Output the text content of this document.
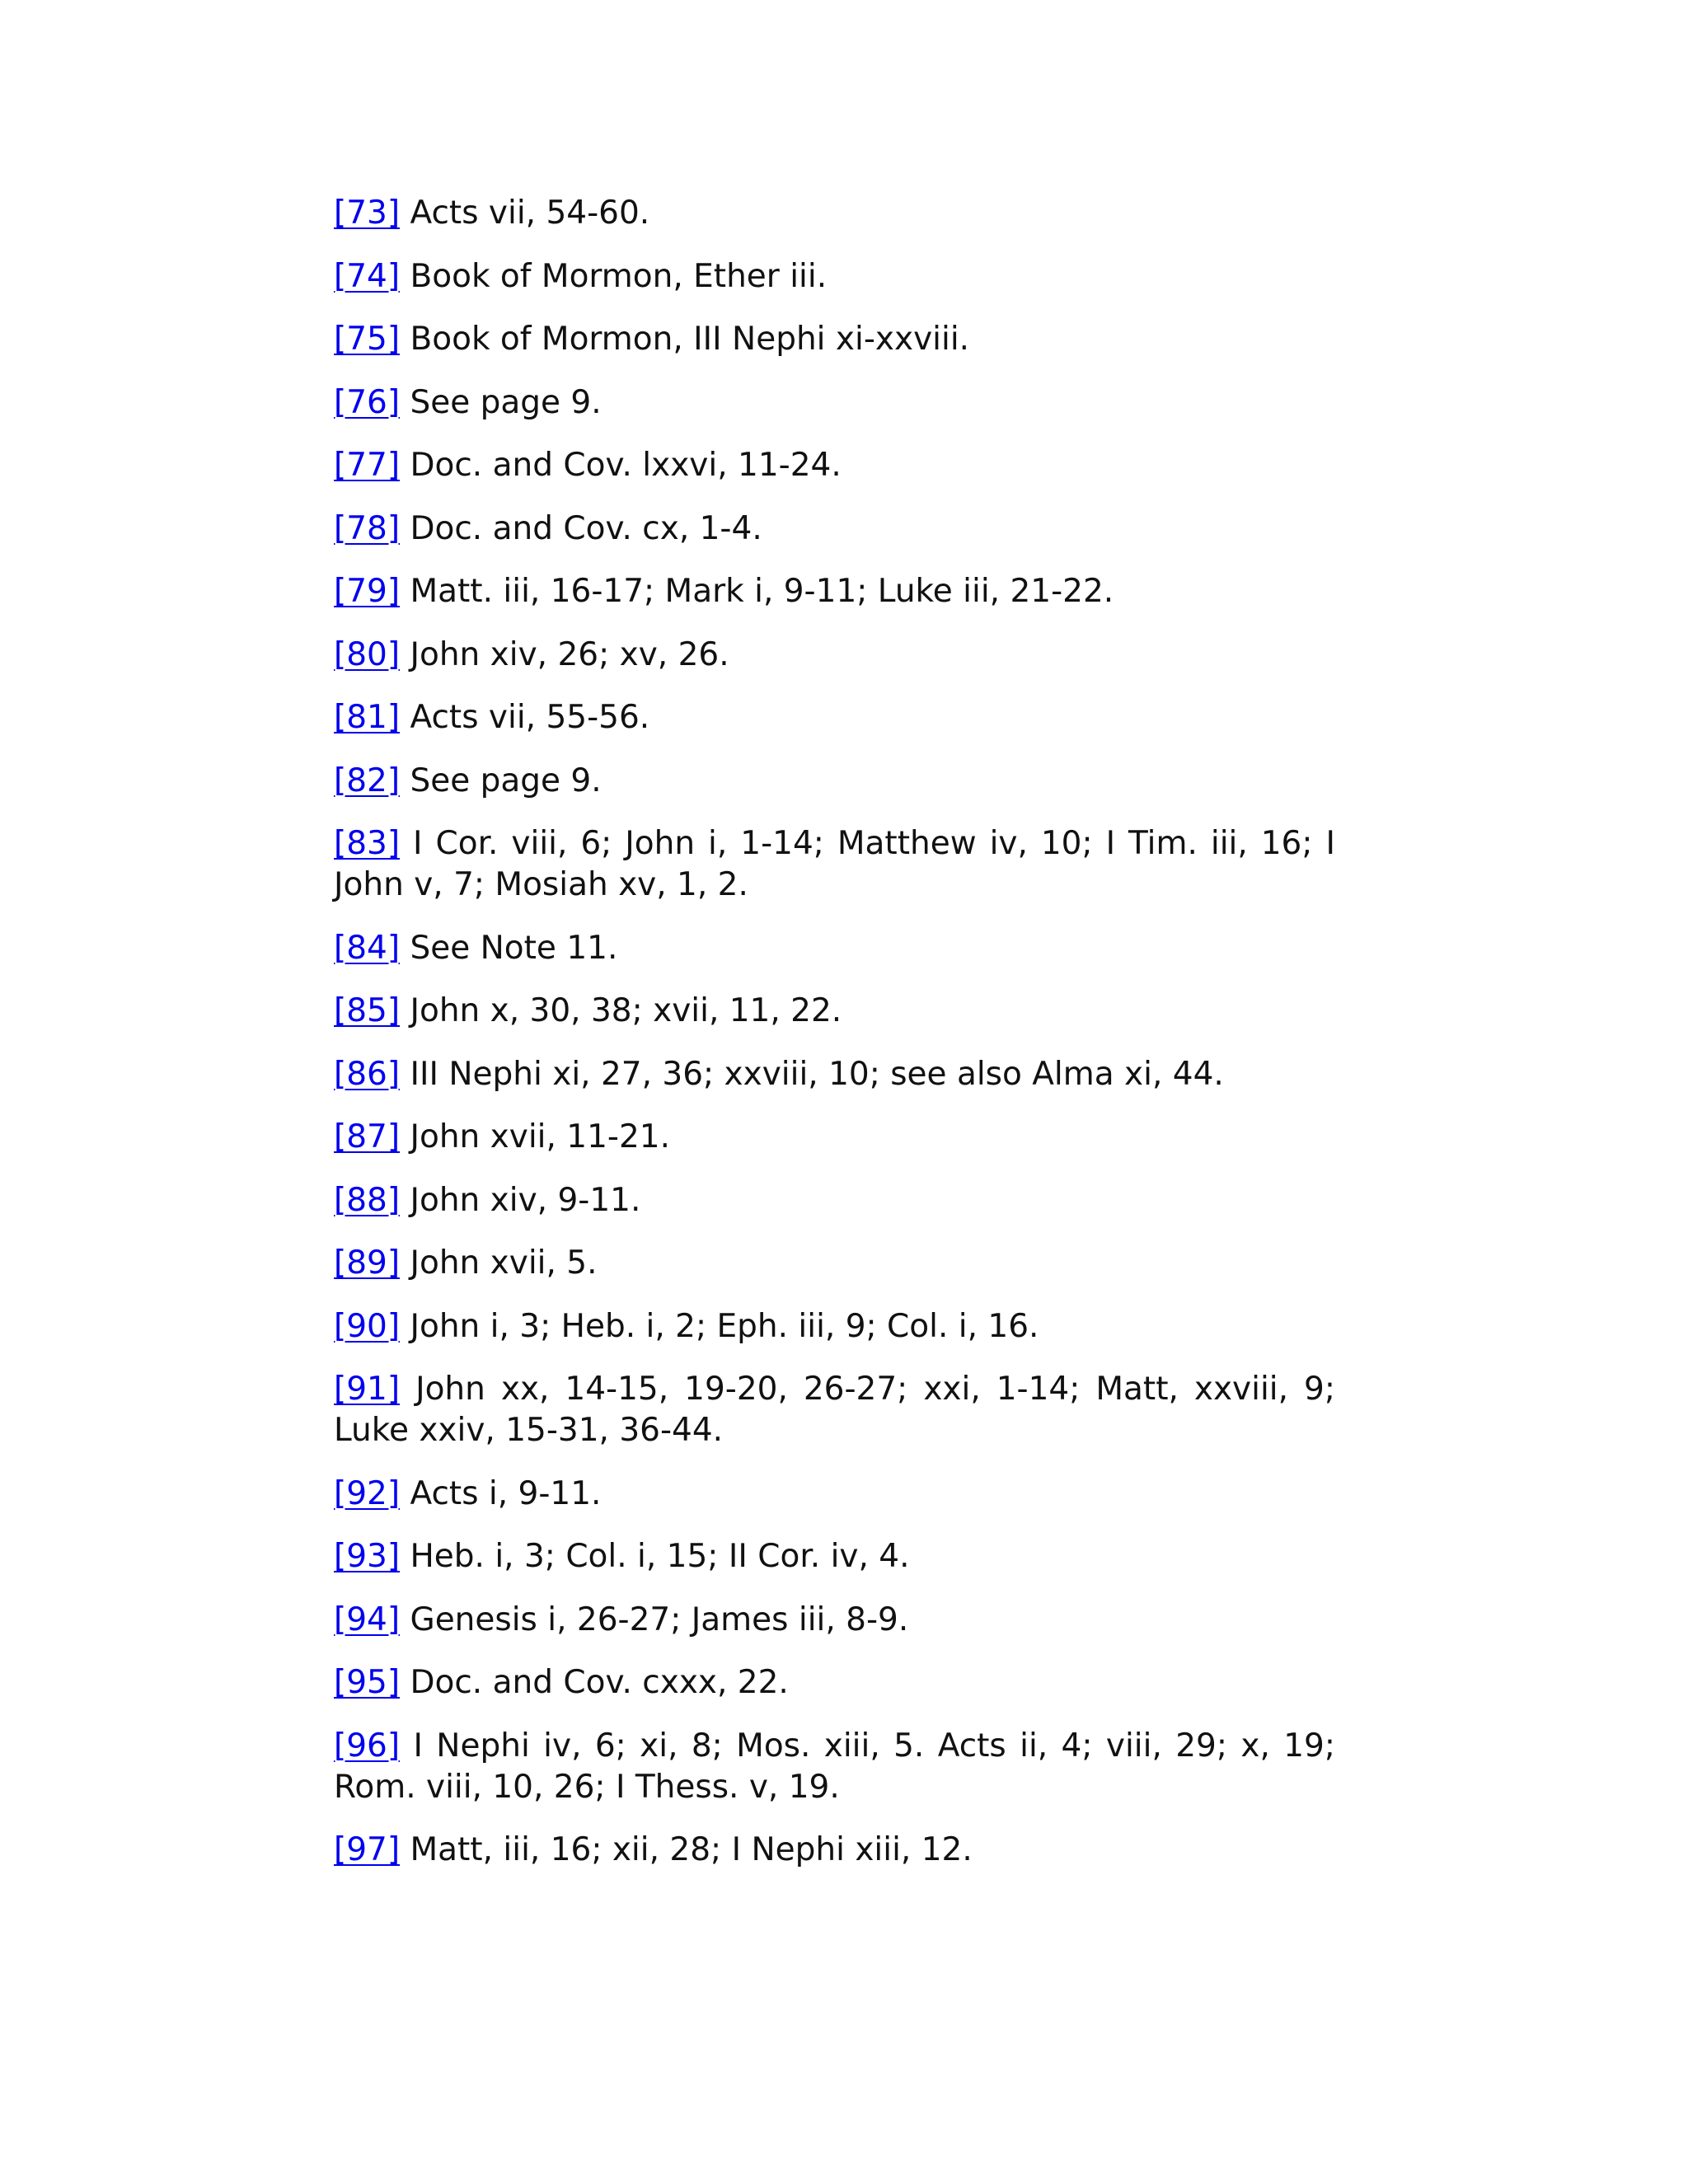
[73] Acts vii, 54-60.

[74] Book of Mormon, Ether iii.

[75] Book of Mormon, III Nephi xi-xxviii.

[76] See page 9.

[77] Doc. and Cov. lxxvi, 11-24.

[78] Doc. and Cov. cx, 1-4.

[79] Matt. iii, 16-17; Mark i, 9-11; Luke iii, 21-22.

[80] John xiv, 26; xv, 26.

[81] Acts vii, 55-56.

[82] See page 9.

[83] I Cor. viii, 6; John i, 1-14; Matthew iv, 10; I Tim. iii, 16; I John v, 7; Mosiah xv, 1, 2.

[84] See Note 11.

[85] John x, 30, 38; xvii, 11, 22.

[86] III Nephi xi, 27, 36; xxviii, 10; see also Alma xi, 44.

[87] John xvii, 11-21.

[88] John xiv, 9-11.

[89] John xvii, 5.

[90] John i, 3; Heb. i, 2; Eph. iii, 9; Col. i, 16.

[91] John xx, 14-15, 19-20, 26-27; xxi, 1-14; Matt, xxviii, 9; Luke xxiv, 15-31, 36-44.

[92] Acts i, 9-11.

[93] Heb. i, 3; Col. i, 15; II Cor. iv, 4.

[94] Genesis i, 26-27; James iii, 8-9.

[95] Doc. and Cov. cxxx, 22.

[96] I Nephi iv, 6; xi, 8; Mos. xiii, 5. Acts ii, 4; viii, 29; x, 19; Rom. viii, 10, 26; I Thess. v, 19.

[97] Matt, iii, 16; xii, 28; I Nephi xiii, 12.
